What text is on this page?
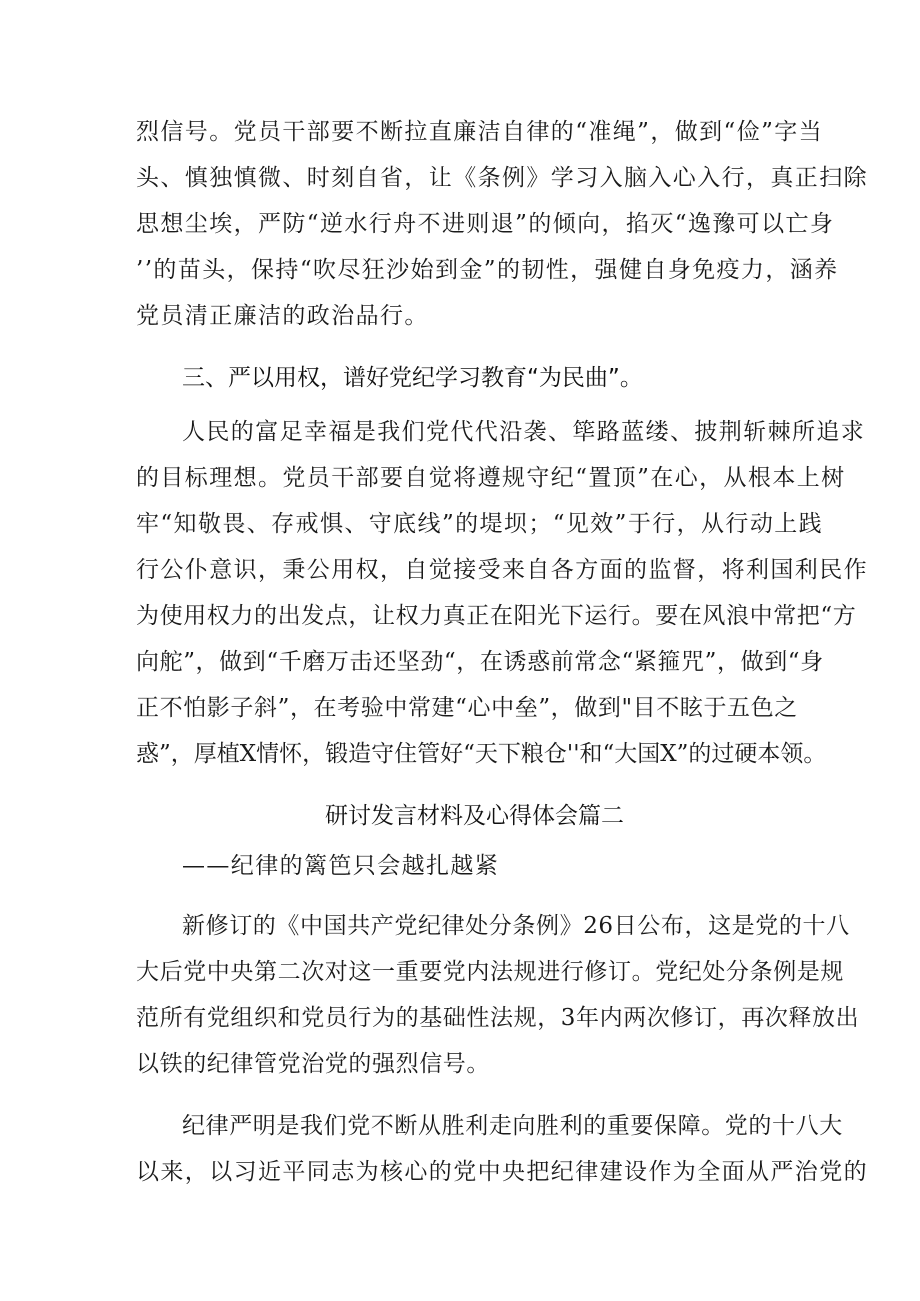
烈信号。党员干部要不断拉直廉洁自律的“准绳”，做到“俭”字当
头、慎独慎微、时刻自省，让《条例》学习入脑入心入行，真正扫除
思想尘埃，严防“逆水行舟不进则退”的倾向，掐灭“逸豫可以亡身
’’的苗头，保持“吹尽狂沙始到金”的韧性，强健自身免疫力，涵养
党员清正廉洁的政治品行。
三、严以用权，谱好党纪学习教育“为民曲”。
人民的富足幸福是我们党代代沿袭、筚路蓝缕、披荆斩棘所追求
的目标理想。党员干部要自觉将遵规守纪“置顶”在心，从根本上树
牢“知敬畏、存戒惧、守底线”的堤坝；“见效”于行，从行动上践
行公仆意识，秉公用权，自觉接受来自各方面的监督，将利国利民作
为使用权力的出发点，让权力真正在阳光下运行。要在风浪中常把“方
向舵”，做到“千磨万击还坚劲“，在诱惑前常念“紧箍咒”，做到“身
正不怕影子斜”，在考验中常建“心中垒”，做到"目不眩于五色之
惑”，厚植X情怀，锻造守住管好“天下粮仓''和“大国X”的过硬本领。
研讨发言材料及心得体会篇二
——纪律的篱笆只会越扎越紧
新修订的《中国共产党纪律处分条例》26日公布，这是党的十八
大后党中央第二次对这一重要党内法规进行修订。党纪处分条例是规
范所有党组织和党员行为的基础性法规，3年内两次修订，再次释放出
以铁的纪律管党治党的强烈信号。
纪律严明是我们党不断从胜利走向胜利的重要保障。党的十八大
以来，以习近平同志为核心的党中央把纪律建设作为全面从严治党的
